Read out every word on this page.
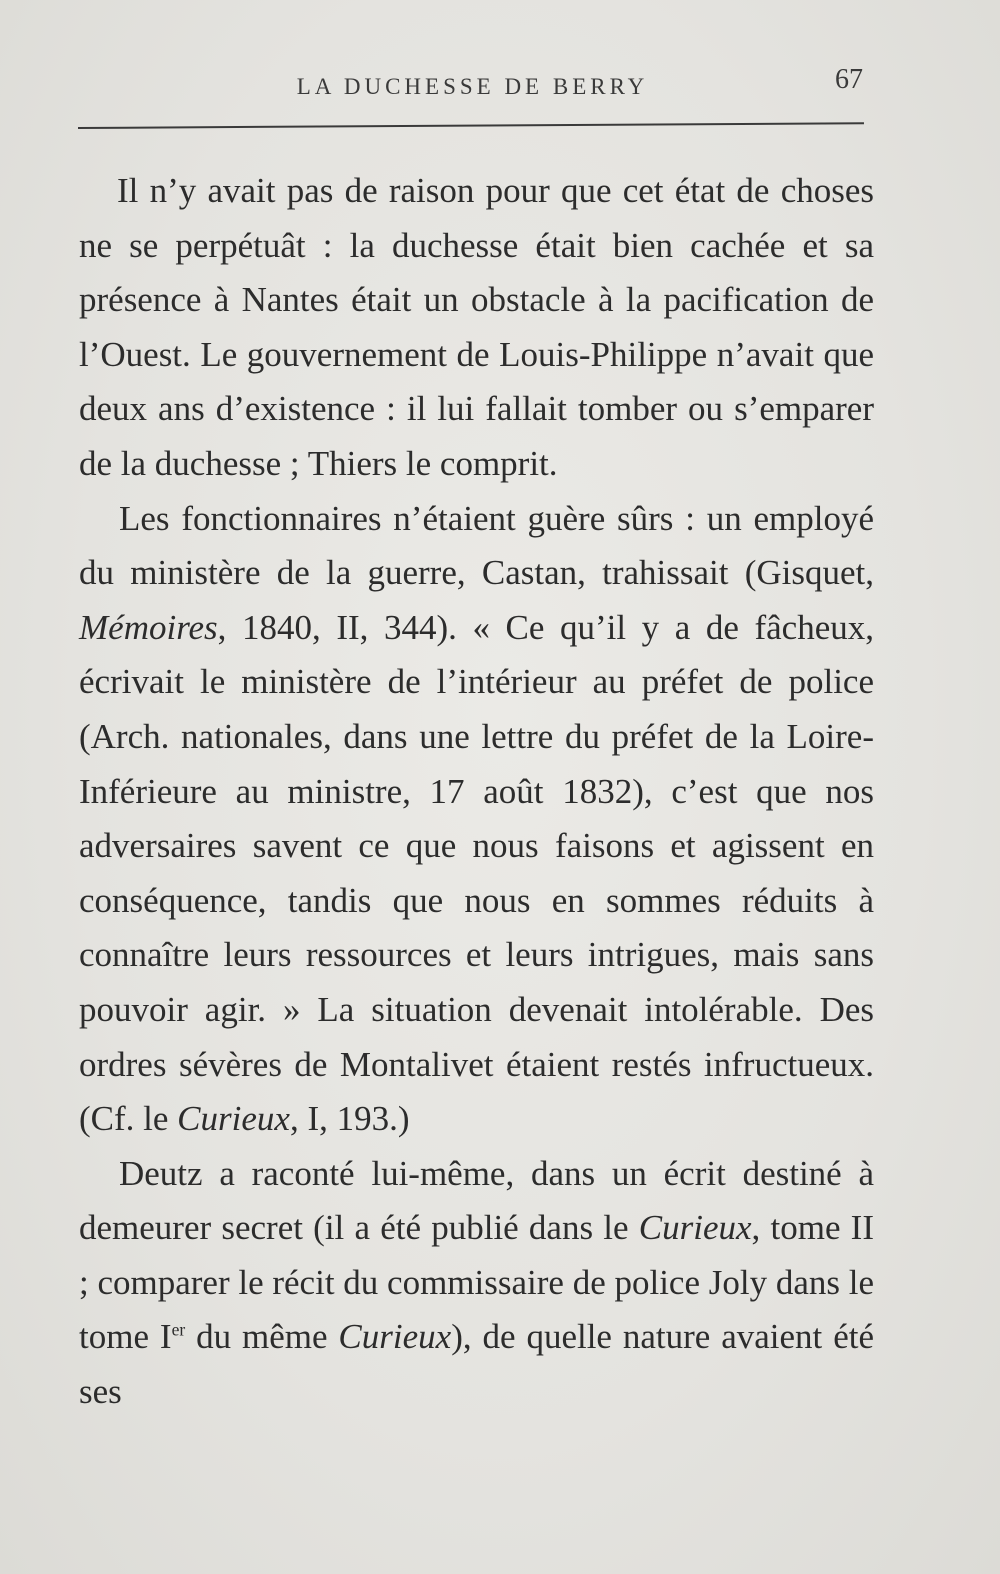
LA DUCHESSE DE BERRY	67

Il n’y avait pas de raison pour que cet état de choses ne se perpétuât : la duchesse était bien cachée et sa présence à Nantes était un obstacle à la pacification de l’Ouest. Le gouvernement de Louis-Philippe n’avait que deux ans d’existence : il lui fallait tomber ou s’emparer de la duchesse ; Thiers le comprit.

Les fonctionnaires n’étaient guère sûrs : un employé du ministère de la guerre, Castan, trahissait (Gisquet, Mémoires, 1840, II, 344). « Ce qu’il y a de fâcheux, écrivait le ministère de l’intérieur au préfet de police (Arch. nationales, dans une lettre du préfet de la Loire-Inférieure au ministre, 17 août 1832), c’est que nos adversaires savent ce que nous faisons et agissent en conséquence, tandis que nous en sommes réduits à connaître leurs ressources et leurs intrigues, mais sans pouvoir agir. » La situation devenait intolérable. Des ordres sévères de Montalivet étaient restés infructueux. (Cf. le Curieux, I, 193.)

Deutz a raconté lui-même, dans un écrit destiné à demeurer secret (il a été publié dans le Curieux, tome II ; comparer le récit du commissaire de police Joly dans le tome Ier du même Curieux), de quelle nature avaient été ses
